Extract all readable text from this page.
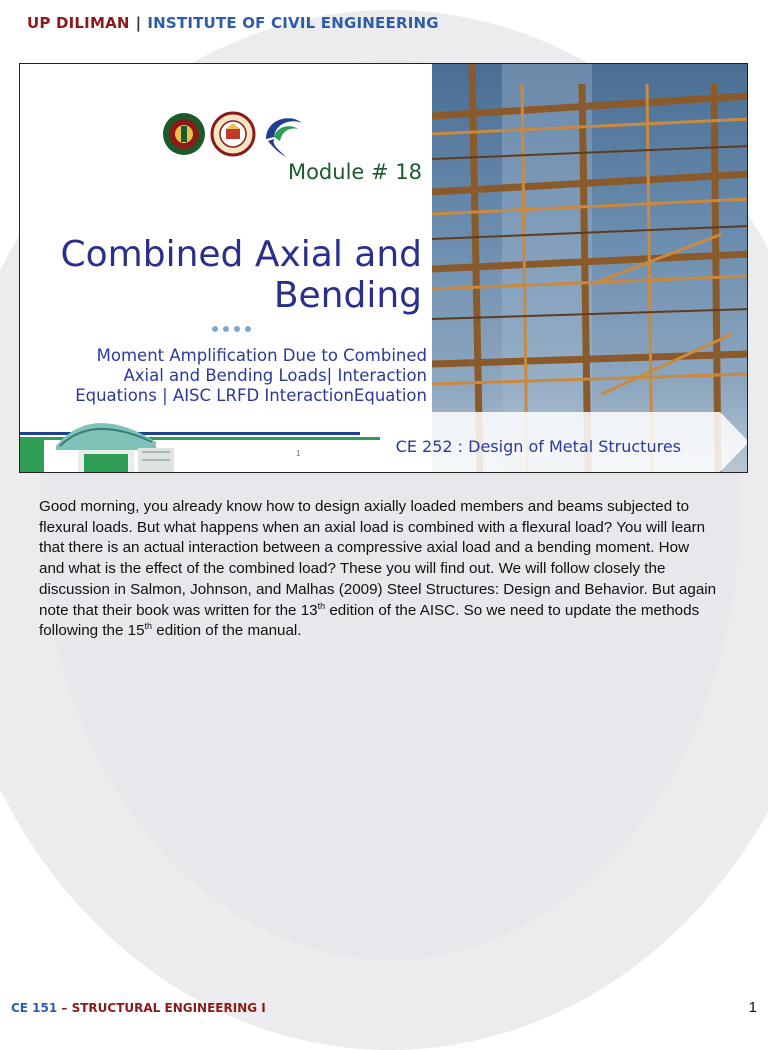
UP DILIMAN | INSTITUTE OF CIVIL ENGINEERING
Module # 18
Combined Axial and
Bending
Moment Amplification Due to Combined
Axial and Bending Loads| Interaction
Equations | AISC LRFD InteractionEquation
1	CE 252 : Design of Metal Structures
Good morning, you already know how to design axially loaded members and beams subjected to
flexural loads. But what happens when an axial load is combined with a flexural load? You will learn
that there is an actual interaction between a compressive axial load and a bending moment. How
and what is the effect of the combined load? These you will find out. We will follow closely the
discussion in Salmon, Johnson, and Malhas (2009) Steel Structures: Design and Behavior. But again
note that their book was written for the 13th edition of the AISC. So we need to update the methods
following the 15th edition of the manual.
CE 151 – STRUCTURAL ENGINEERING I	1
